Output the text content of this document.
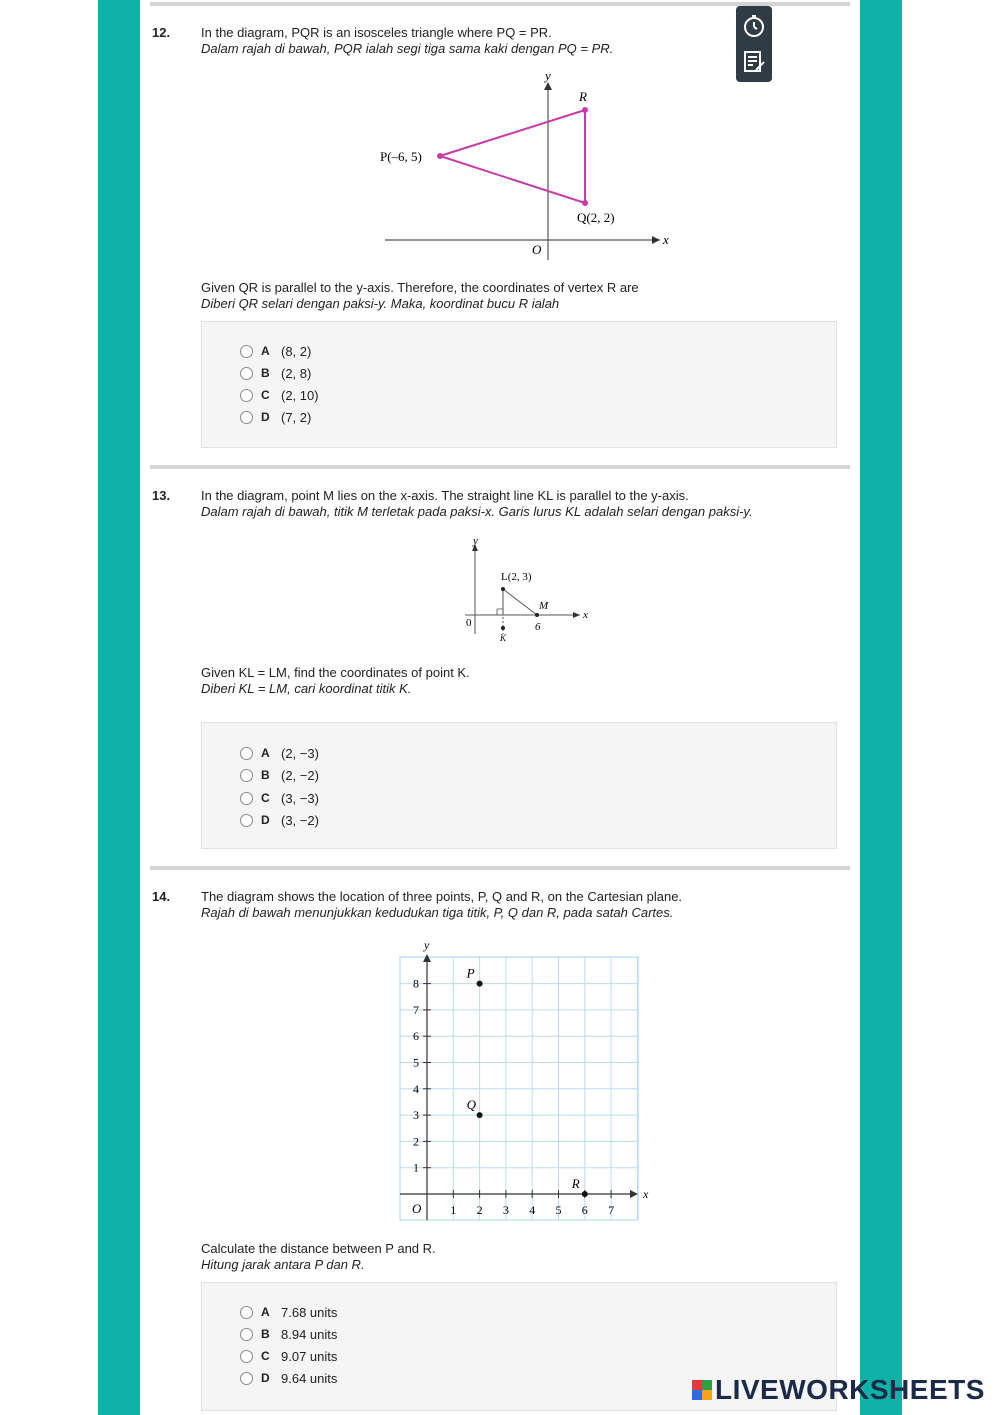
12. In the diagram, PQR is an isosceles triangle where PQ = PR.
Dalam rajah di bawah, PQR ialah segi tiga sama kaki dengan PQ = PR.
y
x
O
R
P(–6, 5)
Q(2, 2)
Given QR is parallel to the y-axis. Therefore, the coordinates of vertex R are
Diberi QR selari dengan paksi-y. Maka, koordinat bucu R ialah
A (8, 2)
B (2, 8)
C (2, 10)
D (7, 2)
13. In the diagram, point M lies on the x-axis. The straight line KL is parallel to the y-axis.
Dalam rajah di bawah, titik M terletak pada paksi-x. Garis lurus KL adalah selari dengan paksi-y.
y
x
0
L(2, 3)
M
6
K
Given KL = LM, find the coordinates of point K.
Diberi KL = LM, cari koordinat titik K.
A (2, −3)
B (2, −2)
C (3, −3)
D (3, −2)
14. The diagram shows the location of three points, P, Q and R, on the Cartesian plane.
Rajah di bawah menunjukkan kedudukan tiga titik, P, Q dan R, pada satah Cartes.
y
x
O 1 2 3 4 5 6 7
1
2
3
4
5
6
7
8
P
Q
R
Calculate the distance between P and R.
Hitung jarak antara P dan R.
A 7.68 units
B 8.94 units
C 9.07 units
D 9.64 units	LIVEWORKSHEETS
